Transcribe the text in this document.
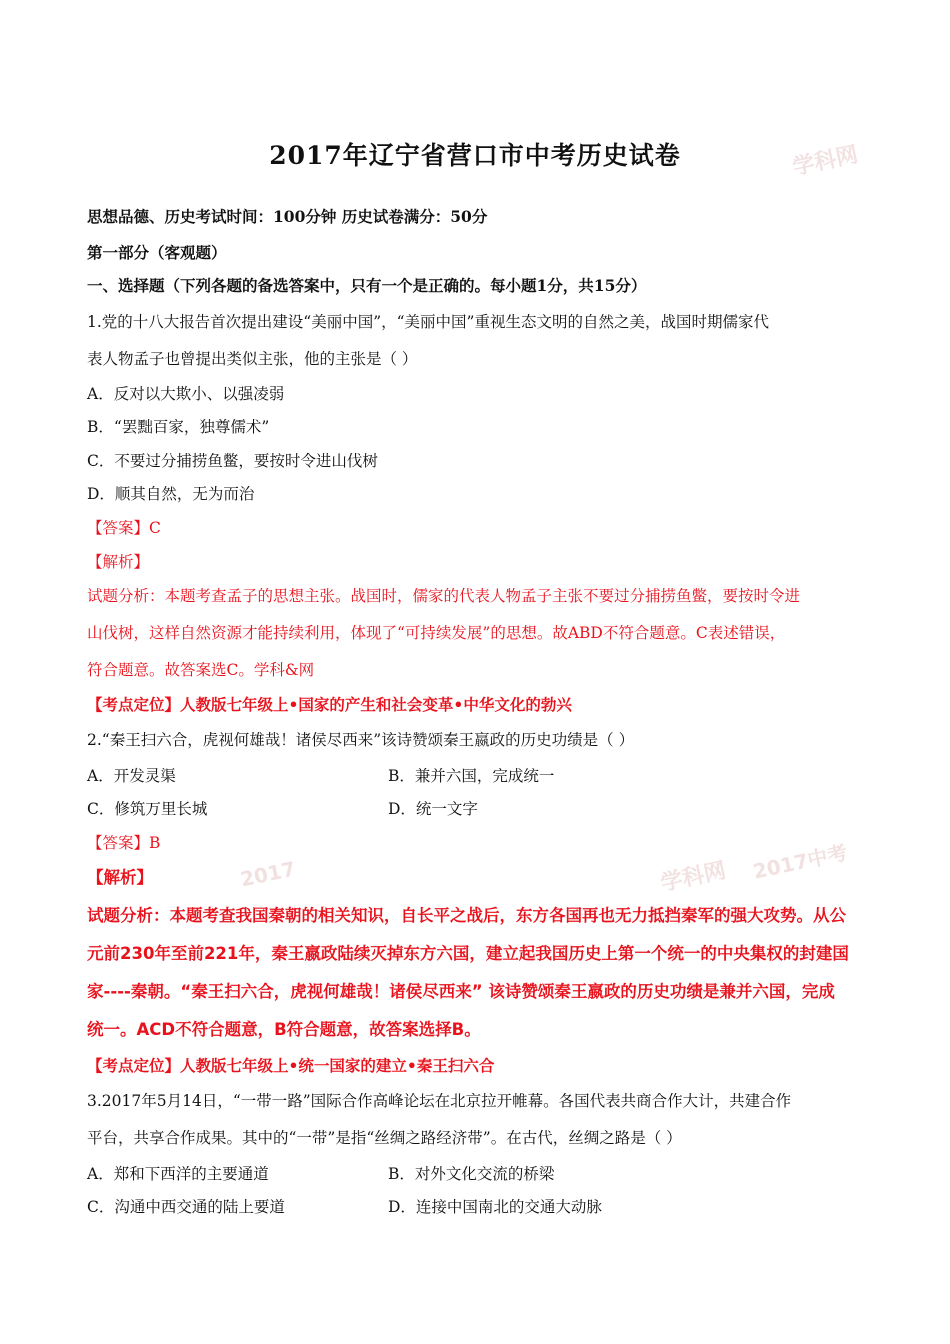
学科网
2017	学科网 2017中考
2017年辽宁省营口市中考历史试卷
思想品德、历史考试时间：100分钟 历史试卷满分：50分
第一部分（客观题）
一、选择题（下列各题的备选答案中，只有一个是正确的。每小题1分，共15分）
1.党的十八大报告首次提出建设“美丽中国”，“美丽中国”重视生态文明的自然之美，战国时期儒家代
表人物孟子也曾提出类似主张，他的主张是（ ）
A．反对以大欺小、以强凌弱
B．“罢黜百家，独尊儒术”
C．不要过分捕捞鱼鳖，要按时令进山伐树
D．顺其自然，无为而治
【答案】C
【解析】
试题分析：本题考查孟子的思想主张。战国时，儒家的代表人物孟子主张不要过分捕捞鱼鳖，要按时令进
山伐树，这样自然资源才能持续利用，体现了“可持续发展”的思想。故ABD不符合题意。C表述错误，
符合题意。故答案选C。学科&网
【考点定位】人教版七年级上•国家的产生和社会变革•中华文化的勃兴
2.“秦王扫六合，虎视何雄哉！诸侯尽西来”该诗赞颂秦王嬴政的历史功绩是（ ）
A．开发灵渠	B．兼并六国，完成统一
C．修筑万里长城	D．统一文字
【答案】B
【解析】
试题分析：本题考查我国秦朝的相关知识，自长平之战后，东方各国再也无力抵挡秦军的强大攻势。从公
元前230年至前221年，秦王嬴政陆续灭掉东方六国，建立起我国历史上第一个统一的中央集权的封建国
家----秦朝。“秦王扫六合，虎视何雄哉！诸侯尽西来” 该诗赞颂秦王嬴政的历史功绩是兼并六国，完成
统一。ACD不符合题意，B符合题意，故答案选择B。
【考点定位】人教版七年级上•统一国家的建立•秦王扫六合
3.2017年5月14日，“一带一路”国际合作高峰论坛在北京拉开帷幕。各国代表共商合作大计，共建合作
平台，共享合作成果。其中的“一带”是指“丝绸之路经济带”。在古代，丝绸之路是（ ）
A．郑和下西洋的主要通道	B．对外文化交流的桥梁
C．沟通中西交通的陆上要道	D．连接中国南北的交通大动脉
